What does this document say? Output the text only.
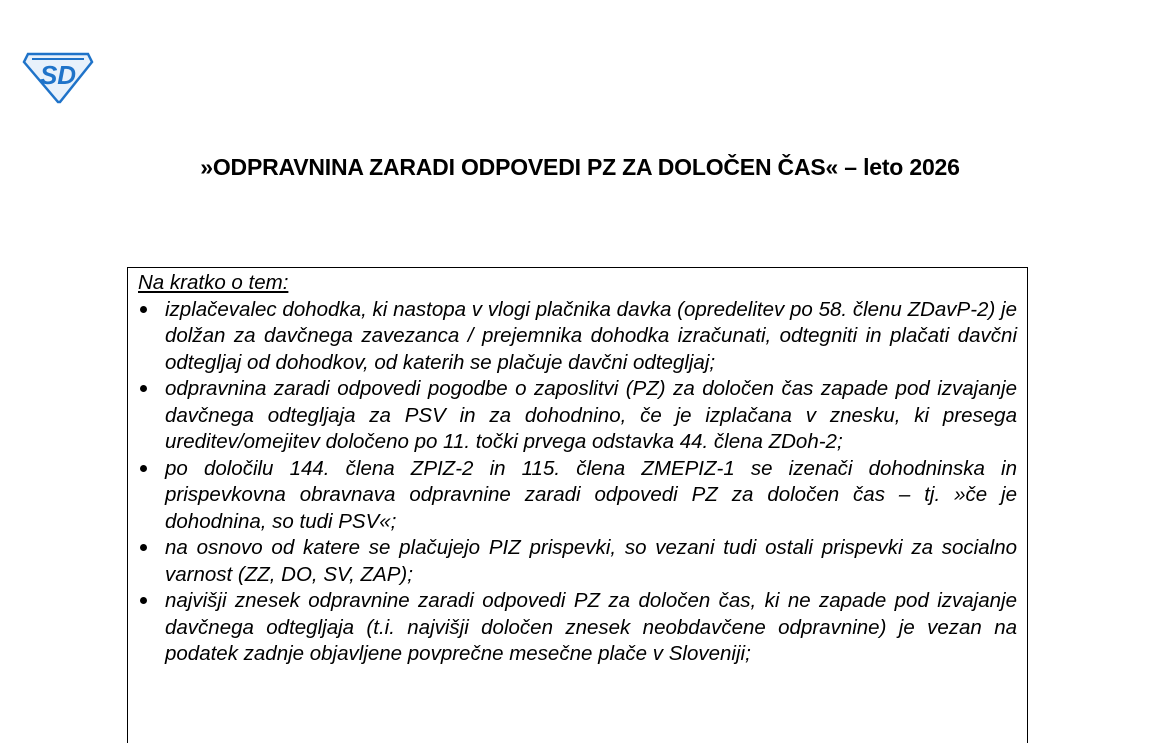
SD
»ODPRAVNINA ZARADI ODPOVEDI PZ ZA DOLOČEN ČAS« – leto 2026

Na kratko o tem:

izplačevalec dohodka, ki nastopa v vlogi plačnika davka (opredelitev po 58. členu ZDavP-2) je dolžan za davčnega zavezanca / prejemnika dohodka izračunati, odtegniti in plačati davčni odtegljaj od dohodkov, od katerih se plačuje davčni odtegljaj;
odpravnina zaradi odpovedi pogodbe o zaposlitvi (PZ) za določen čas zapade pod izvajanje davčnega odtegljaja za PSV in za dohodnino, če je izplačana v znesku, ki presega ureditev/omejitev določeno po 11. točki prvega odstavka 44. člena ZDoh-2;
po določilu 144. člena ZPIZ-2 in 115. člena ZMEPIZ-1 se izenači dohodninska in prispevkovna obravnava odpravnine zaradi odpovedi PZ za določen čas – tj. »če je dohodnina, so tudi PSV«;
na osnovo od katere se plačujejo PIZ prispevki, so vezani tudi ostali prispevki za socialno varnost (ZZ, DO, SV, ZAP);
najvišji znesek odpravnine zaradi odpovedi PZ za določen čas, ki ne zapade pod izvajanje davčnega odtegljaja (t.i. najvišji določen znesek neobdavčene odpravnine) je vezan na podatek zadnje objavljene povprečne mesečne plače v Sloveniji;
